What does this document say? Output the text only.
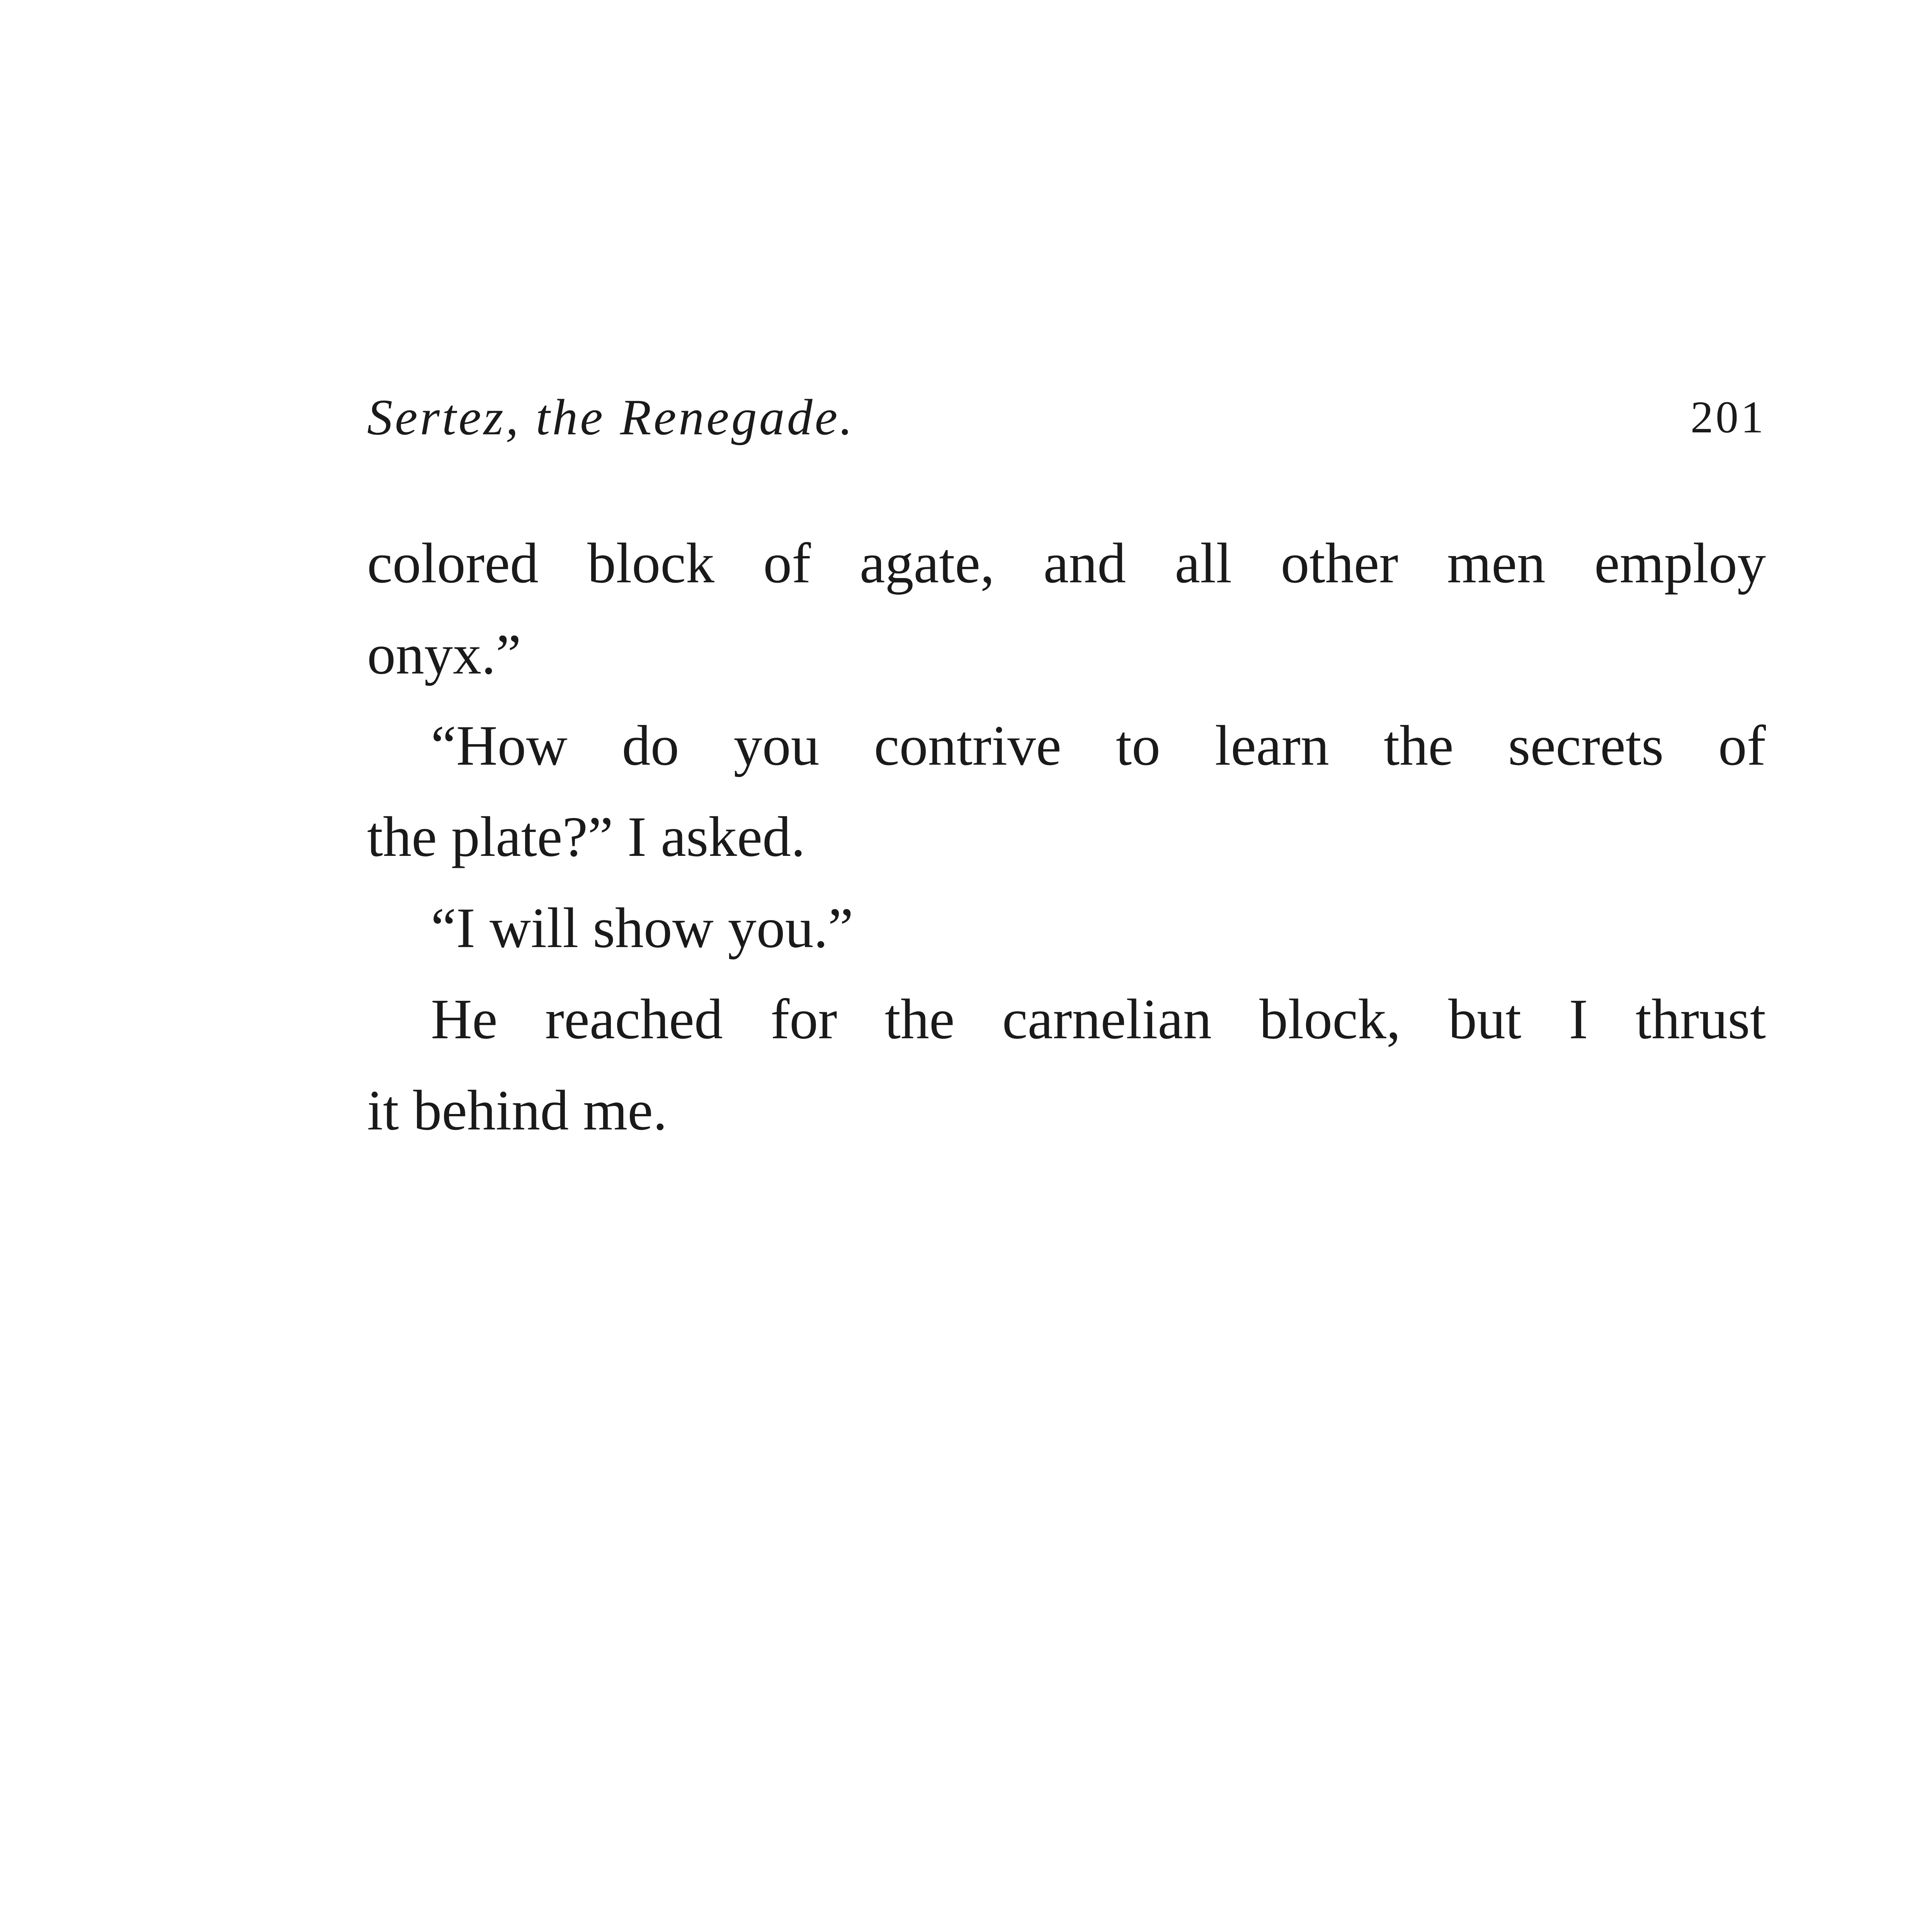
Sertez, the Renegade.	201
colored block of agate, and all other men employ
onyx.”
“How do you contrive to learn the secrets of
the plate?” I asked.
“I will show you.”
He reached for the carnelian block, but I thrust
it behind me.
